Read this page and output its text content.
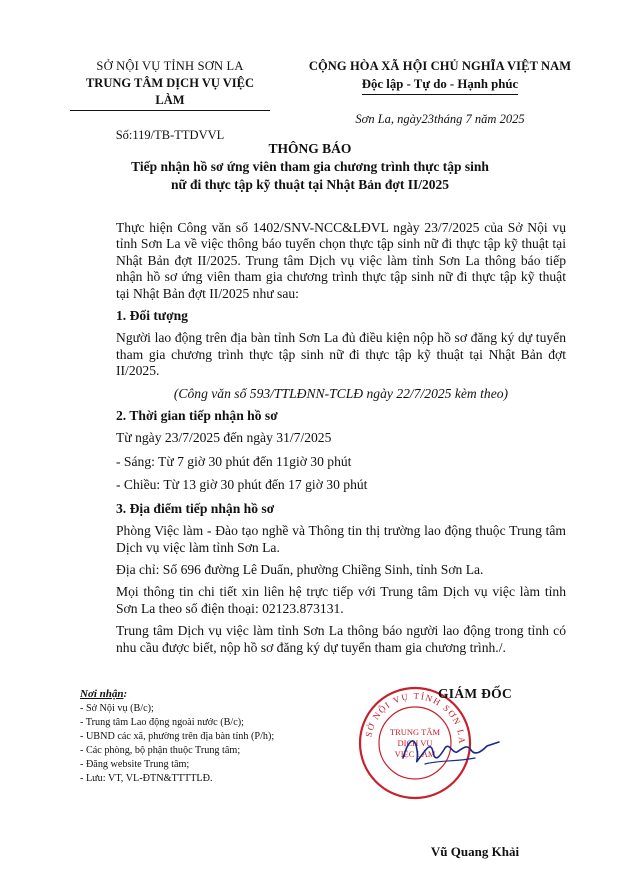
SỞ NỘI VỤ TỈNH SƠN LA
TRUNG TÂM DỊCH VỤ VIỆC LÀM
Số:119/TB-TTDVVL
CỘNG HÒA XÃ HỘI CHỦ NGHĨA VIỆT NAM
Độc lập - Tự do - Hạnh phúc
Sơn La, ngày23tháng 7 năm 2025
THÔNG BÁO
Tiếp nhận hồ sơ ứng viên tham gia chương trình thực tập sinh
nữ đi thực tập kỹ thuật tại Nhật Bản đợt II/2025

Thực hiện Công văn số 1402/SNV-NCC&LĐVL ngày 23/7/2025 của Sở Nội vụ tỉnh Sơn La về việc thông báo tuyển chọn thực tập sinh nữ đi thực tập kỹ thuật tại Nhật Bản đợt II/2025. Trung tâm Dịch vụ việc làm tỉnh Sơn La thông báo tiếp nhận hồ sơ ứng viên tham gia chương trình thực tập sinh nữ đi thực tập kỹ thuật tại Nhật Bản đợt II/2025 như sau:

1. Đối tượng

Người lao động trên địa bàn tỉnh Sơn La đủ điều kiện nộp hồ sơ đăng ký dự tuyển tham gia chương trình thực tập sinh nữ đi thực tập kỹ thuật tại Nhật Bản đợt II/2025.

(Công văn số 593/TTLĐNN-TCLĐ ngày 22/7/2025 kèm theo)

2. Thời gian tiếp nhận hồ sơ

Từ ngày 23/7/2025 đến ngày 31/7/2025

- Sáng: Từ 7 giờ 30 phút đến 11giờ 30 phút

- Chiều: Từ 13 giờ 30 phút đến 17 giờ 30 phút

3. Địa điểm tiếp nhận hồ sơ

Phòng Việc làm - Đào tạo nghề và Thông tin thị trường lao động thuộc Trung tâm Dịch vụ việc làm tỉnh Sơn La.

Địa chỉ: Số 696 đường Lê Duẩn, phường Chiềng Sinh, tỉnh Sơn La.

Mọi thông tin chi tiết xin liên hệ trực tiếp với Trung tâm Dịch vụ việc làm tỉnh Sơn La theo số điện thoại: 02123.873131.

Trung tâm Dịch vụ việc làm tỉnh Sơn La thông báo người lao động trong tỉnh có nhu cầu được biết, nộp hồ sơ đăng ký dự tuyển tham gia chương trình./.

Nơi nhận:
- Sở Nội vụ (B/c);
- Trung tâm Lao động ngoài nước (B/c);
- UBND các xã, phường trên địa bàn tỉnh (P/h);
- Các phòng, bộ phận thuộc Trung tâm;
- Đăng website Trung tâm;
- Lưu: VT, VL-ĐTN&TTTTLĐ.
SỞ NỘI VỤ TỈNH SƠN LA
TRUNG TÂM
DỊCH VỤ
VIỆC LÀM
GIÁM ĐỐC
Vũ Quang Khải
